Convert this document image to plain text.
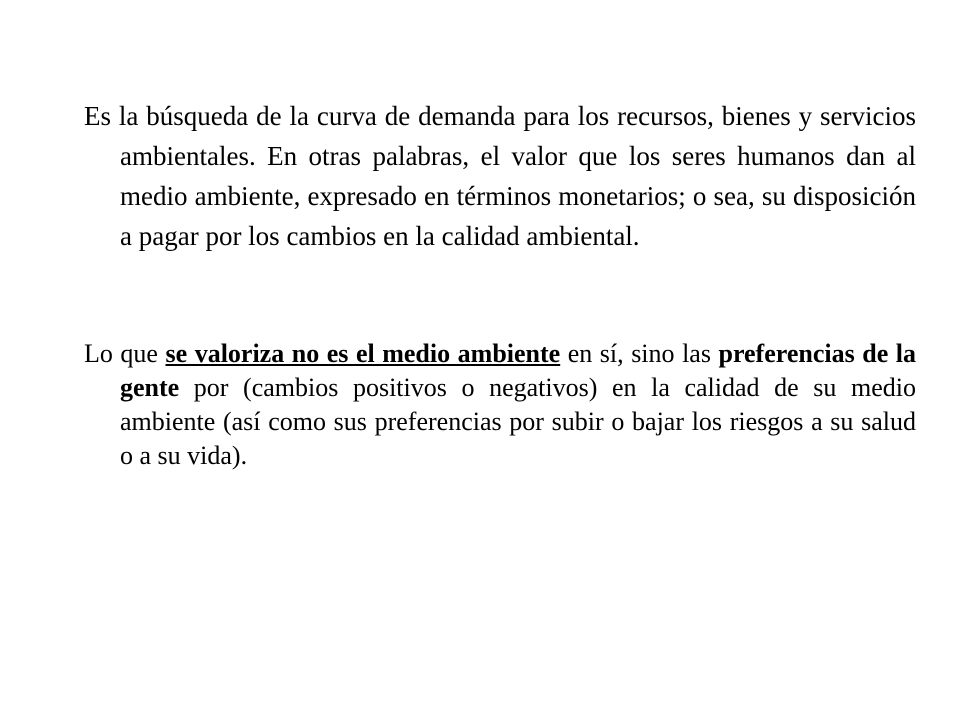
Es la búsqueda de la curva de demanda para los recursos, bienes y servicios ambientales. En otras palabras, el valor que los seres humanos dan al medio ambiente, expresado en términos monetarios; o sea, su disposición a pagar por los cambios en la calidad ambiental.

Lo que se valoriza no es el medio ambiente en sí, sino las preferencias de la gente por (cambios positivos o negativos) en la calidad de su medio ambiente (así como sus preferencias por subir o bajar los riesgos a su salud o a su vida).
